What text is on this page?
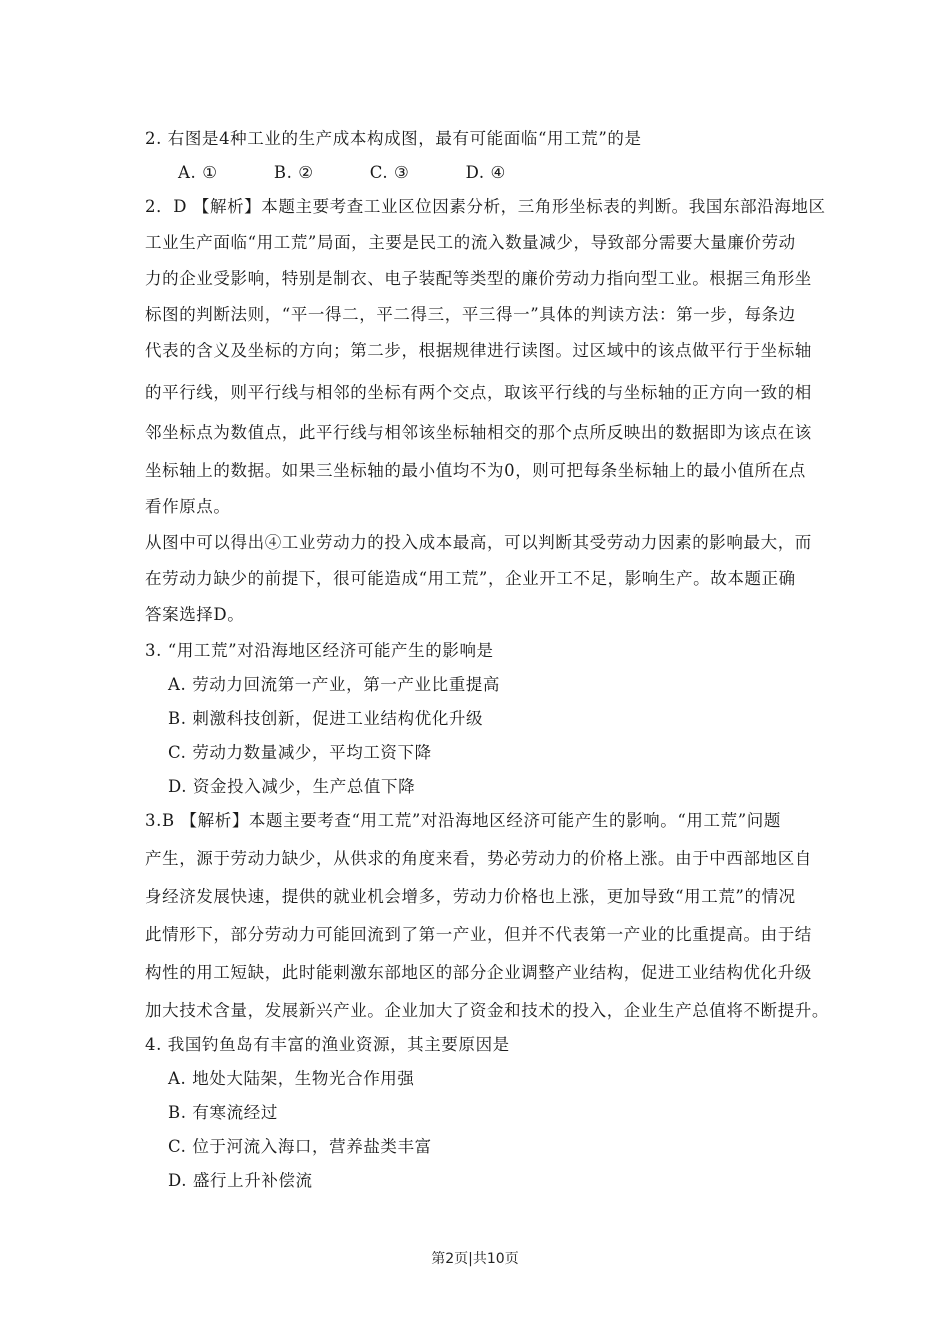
2. 右图是4种工业的生产成本构成图，最有可能面临“用工荒”的是
A. ①	B. ②	C. ③	D. ④
2．D 【解析】本题主要考查工业区位因素分析，三角形坐标表的判断。我国东部沿海地区
工业生产面临“用工荒”局面，主要是民工的流入数量减少，导致部分需要大量廉价劳动
力的企业受影响，特别是制衣、电子装配等类型的廉价劳动力指向型工业。根据三角形坐
标图的判断法则，“平一得二，平二得三，平三得一”具体的判读方法：第一步，每条边
代表的含义及坐标的方向；第二步，根据规律进行读图。过区域中的该点做平行于坐标轴
的平行线，则平行线与相邻的坐标有两个交点，取该平行线的与坐标轴的正方向一致的相
邻坐标点为数值点，此平行线与相邻该坐标轴相交的那个点所反映出的数据即为该点在该
坐标轴上的数据。如果三坐标轴的最小值均不为0，则可把每条坐标轴上的最小值所在点
看作原点。
从图中可以得出④工业劳动力的投入成本最高，可以判断其受劳动力因素的影响最大，而
在劳动力缺少的前提下，很可能造成“用工荒”，企业开工不足，影响生产。故本题正确
答案选择D。
3. “用工荒”对沿海地区经济可能产生的影响是
A. 劳动力回流第一产业，第一产业比重提高
B. 刺激科技创新，促进工业结构优化升级
C. 劳动力数量减少，平均工资下降
D. 资金投入减少，生产总值下降
3.B 【解析】本题主要考查“用工荒”对沿海地区经济可能产生的影响。“用工荒”问题
产生，源于劳动力缺少，从供求的角度来看，势必劳动力的价格上涨。由于中西部地区自
身经济发展快速，提供的就业机会增多，劳动力价格也上涨，更加导致“用工荒”的情况
此情形下，部分劳动力可能回流到了第一产业，但并不代表第一产业的比重提高。由于结
构性的用工短缺，此时能刺激东部地区的部分企业调整产业结构，促进工业结构优化升级
加大技术含量，发展新兴产业。企业加大了资金和技术的投入，企业生产总值将不断提升。
4. 我国钓鱼岛有丰富的渔业资源，其主要原因是
A. 地处大陆架，生物光合作用强
B. 有寒流经过
C. 位于河流入海口，营养盐类丰富
D. 盛行上升补偿流
第2页|共10页
